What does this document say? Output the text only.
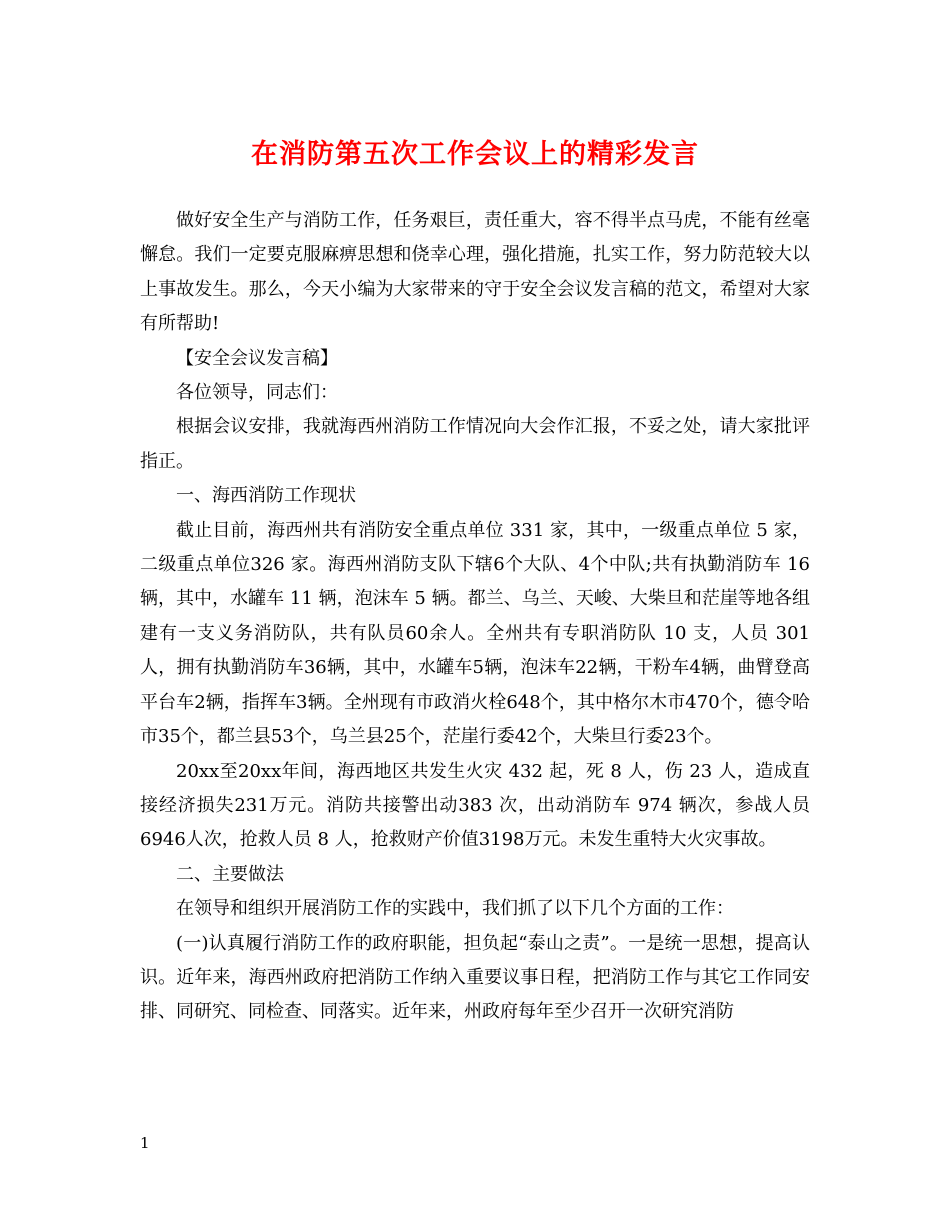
在消防第五次工作会议上的精彩发言

做好安全生产与消防工作，任务艰巨，责任重大，容不得半点马虎，不能有丝毫懈怠。我们一定要克服麻痹思想和侥幸心理，强化措施，扎实工作，努力防范较大以上事故发生。那么，今天小编为大家带来的守于安全会议发言稿的范文，希望对大家有所帮助!

【安全会议发言稿】

各位领导，同志们：

根据会议安排，我就海西州消防工作情况向大会作汇报，不妥之处，请大家批评指正。

一、海西消防工作现状

截止目前，海西州共有消防安全重点单位 331 家，其中，一级重点单位 5 家，二级重点单位326 家。海西州消防支队下辖6个大队、4个中队;共有执勤消防车 16 辆，其中，水罐车 11 辆，泡沫车 5 辆。都兰、乌兰、天峻、大柴旦和茫崖等地各组建有一支义务消防队，共有队员60余人。全州共有专职消防队 10 支，人员 301 人，拥有执勤消防车36辆，其中，水罐车5辆，泡沫车22辆，干粉车4辆，曲臂登高平台车2辆，指挥车3辆。全州现有市政消火栓648个，其中格尔木市470个，德令哈市35个，都兰县53个，乌兰县25个，茫崖行委42个，大柴旦行委23个。

20xx至20xx年间，海西地区共发生火灾 432 起，死 8 人，伤 23 人，造成直接经济损失231万元。消防共接警出动383 次，出动消防车 974 辆次，参战人员 6946人次，抢救人员 8 人，抢救财产价值3198万元。未发生重特大火灾事故。

二、主要做法

在领导和组织开展消防工作的实践中，我们抓了以下几个方面的工作：

(一)认真履行消防工作的政府职能，担负起“泰山之责”。一是统一思想，提高认识。近年来，海西州政府把消防工作纳入重要议事日程，把消防工作与其它工作同安排、同研究、同检查、同落实。近年来，州政府每年至少召开一次研究消防

1
